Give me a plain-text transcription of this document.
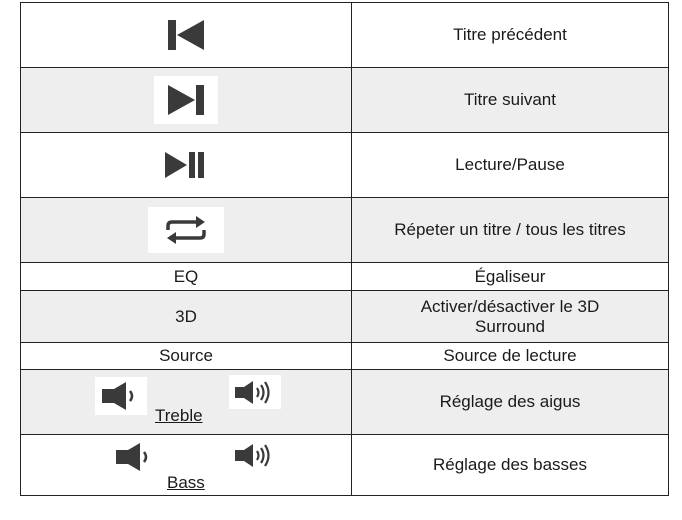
	Titre précédent

	Titre suivant

	Lecture/Pause

	Répeter un titre / tous les titres
EQ	Égaliseur
3D	Activer/désactiver le 3D
Surround

Source	Source de lecture

Treble	Réglage des aigus

Bass	Réglage des basses
